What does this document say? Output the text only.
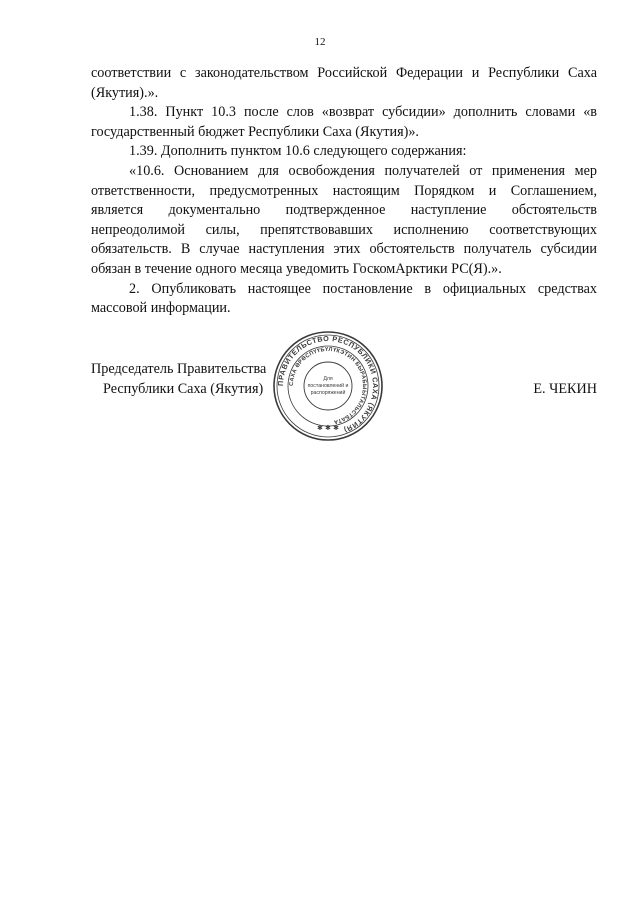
12

соответствии с законодательством Российской Федерации и Республики Саха (Якутия).».

1.38. Пункт 10.3 после слов «возврат субсидии» дополнить словами «в государственный бюджет Республики Саха (Якутия)».

1.39. Дополнить пунктом 10.6 следующего содержания:

«10.6. Основанием для освобождения получателей от применения мер ответственности, предусмотренных настоящим Порядком и Соглашением, является документально подтвержденное наступление обстоятельств непреодолимой силы, препятствовавших исполнению соответствующих обязательств. В случае наступления этих обстоятельств получатель субсидии обязан в течение одного месяца уведомить ГоскомАрктики РС(Я).».

2. Опубликовать настоящее постановление в официальных средствах массовой информации.

Председатель Правительства
Республики Саха (Якутия)	Е. ЧЕКИН
ПРАВИТЕЛЬСТВО РЕСПУБЛИКИ САХА (ЯКУТИЯ)
САХА ӨРӨСПҮҮБҮЛҮКЭТИН БЫРАБЫЫТАЛЬСТБАТА
Для
постановлений и
распоряжений
✱ ✱ ✱
